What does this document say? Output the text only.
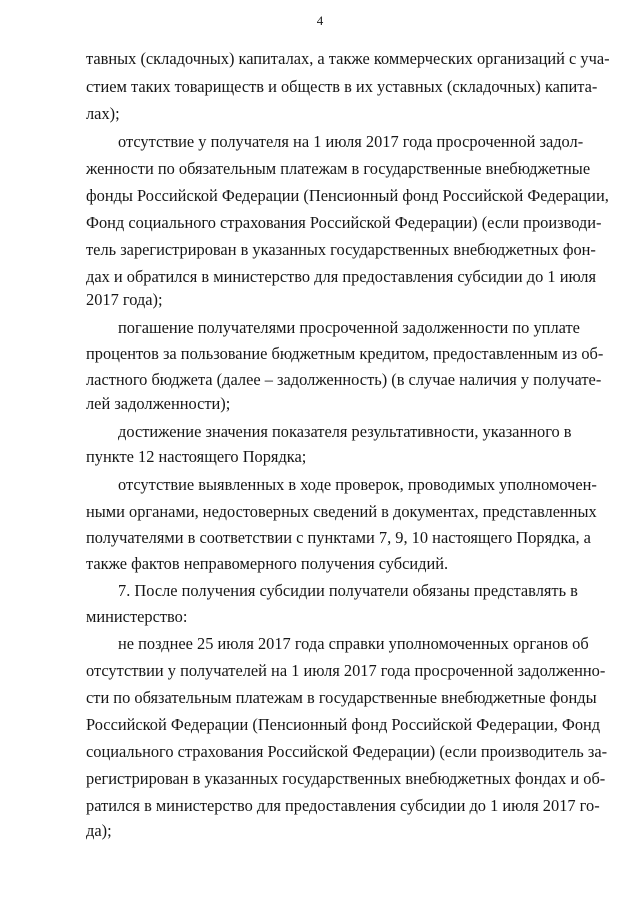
4
тавных (складочных) капиталах, а также коммерческих организаций с уча-
стием таких товариществ и обществ в их уставных (складочных) капита-
лах);
отсутствие у получателя на 1 июля 2017 года просроченной задол-
женности по обязательным платежам в государственные внебюджетные
фонды Российской Федерации (Пенсионный фонд Российской Федерации,
Фонд социального страхования Российской Федерации) (если производи-
тель зарегистрирован в указанных государственных внебюджетных фон-
дах и обратился в министерство для предоставления субсидии до 1 июля
2017 года);
погашение получателями просроченной задолженности по уплате
процентов за пользование бюджетным кредитом, предоставленным из об-
ластного бюджета (далее – задолженность) (в случае наличия у получате-
лей задолженности);
достижение значения показателя результативности, указанного в
пункте 12 настоящего Порядка;
отсутствие выявленных в ходе проверок, проводимых уполномочен-
ными органами, недостоверных сведений в документах, представленных
получателями в соответствии с пунктами 7, 9, 10 настоящего Порядка, а
также фактов неправомерного получения субсидий.
7. После получения субсидии получатели обязаны представлять в
министерство:
не позднее 25 июля 2017 года справки уполномоченных органов об
отсутствии у получателей на 1 июля 2017 года просроченной задолженно-
сти по обязательным платежам в государственные внебюджетные фонды
Российской Федерации (Пенсионный фонд Российской Федерации, Фонд
социального страхования Российской Федерации) (если производитель за-
регистрирован в указанных государственных внебюджетных фондах и об-
ратился в министерство для предоставления субсидии до 1 июля 2017 го-
да);
